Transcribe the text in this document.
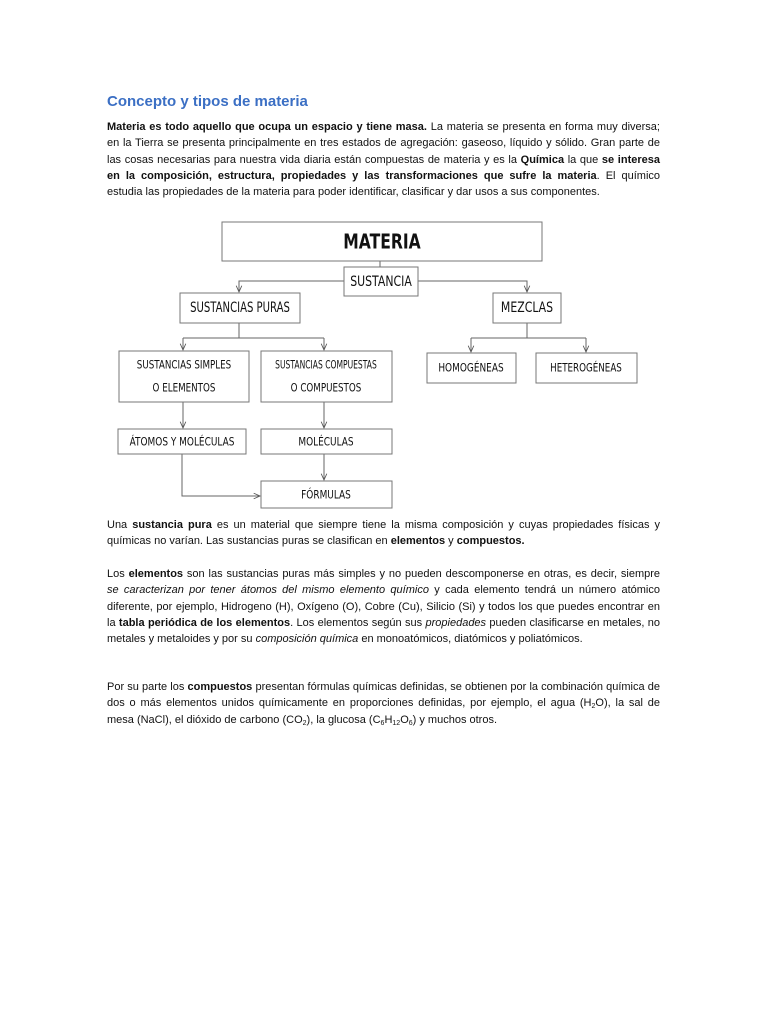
Concepto y tipos de materia

Materia es todo aquello que ocupa un espacio y tiene masa. La materia se presenta en forma muy diversa; en la Tierra se presenta principalmente en tres estados de agregación: gaseoso, líquido y sólido. Gran parte de las cosas necesarias para nuestra vida diaria están compuestas de materia y es la Química la que se interesa en la composición, estructura, propiedades y las transformaciones que sufre la materia. El químico estudia las propiedades de la materia para poder identificar, clasificar y dar usos a sus componentes.

MATERIA
SUSTANCIA
SUSTANCIAS PURAS	MEZCLAS
SUSTANCIAS SIMPLES
O ELEMENTOS
SUSTANCIAS COMPUESTAS
O COMPUESTOS
HOMOGÉNEAS	HETEROGÉNEAS
ÁTOMOS Y MOLÉCULAS	MOLÉCULAS
FÓRMULAS

Una sustancia pura es un material que siempre tiene la misma composición y cuyas propiedades físicas y químicas no varían. Las sustancias puras se clasifican en elementos y compuestos.

Los elementos son las sustancias puras más simples y no pueden descomponerse en otras, es decir, siempre se caracterizan por tener átomos del mismo elemento químico y cada elemento tendrá un número atómico diferente, por ejemplo, Hidrogeno (H), Oxígeno (O), Cobre (Cu), Silicio (Si) y todos los que puedes encontrar en la tabla periódica de los elementos. Los elementos según sus propiedades pueden clasificarse en metales, no metales y metaloides y por su composición química en monoatómicos, diatómicos y poliatómicos.

Por su parte los compuestos presentan fórmulas químicas definidas, se obtienen por la combinación química de dos o más elementos unidos químicamente en proporciones definidas, por ejemplo, el agua $(H_2O)$, la sal de mesa (NaCl), el dióxido de carbono $(CO_2)$, la glucosa $(C_6H_{12}O_6)$ y muchos otros.
